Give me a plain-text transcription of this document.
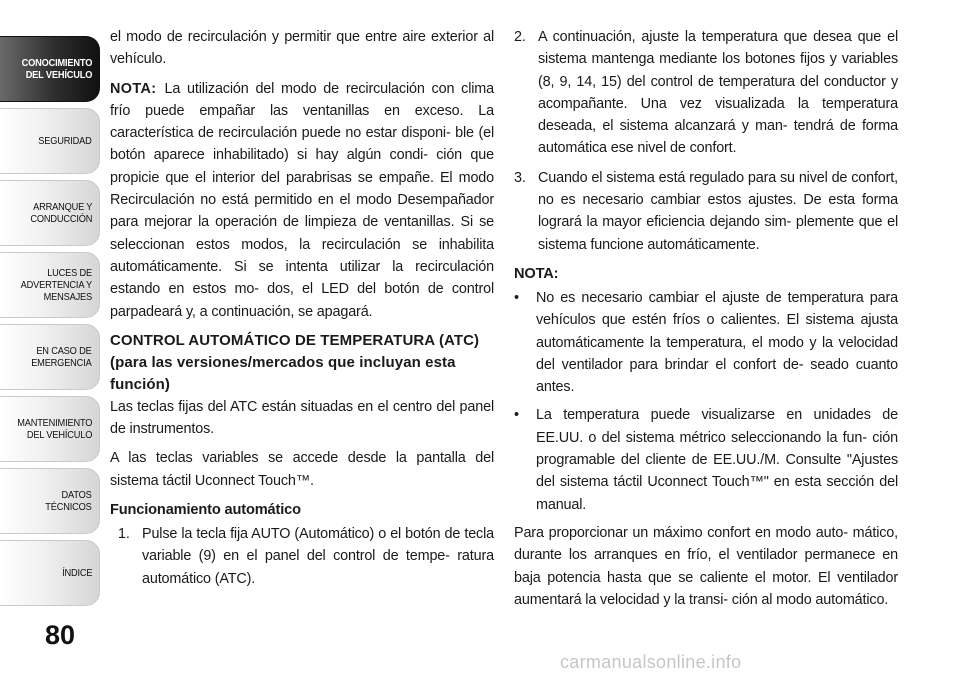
CONOCIMIENTO
DEL VEHÍCULO
SEGURIDAD
ARRANQUE Y
CONDUCCIÓN
LUCES DE
ADVERTENCIA Y
MENSAJES
EN CASO DE
EMERGENCIA
MANTENIMIENTO
DEL VEHÍCULO
DATOS
TÉCNICOS
ÍNDICE
80

el modo de recirculación y permitir que entre aire exterior al vehículo.

NOTA: La utilización del modo de recirculación con clima frío puede empañar las ventanillas en exceso. La característica de recirculación puede no estar disponi- ble (el botón aparece inhabilitado) si hay algún condi- ción que propicie que el interior del parabrisas se empañe. El modo Recirculación no está permitido en el modo Desempañador para mejorar la operación de limpieza de ventanillas. Si se seleccionan estos modos, la recirculación se inhabilita automáticamente. Si se intenta utilizar la recirculación estando en estos mo- dos, el LED del botón de control parpadeará y, a continuación, se apagará.

CONTROL AUTOMÁTICO DE TEMPERATURA (ATC) (para las versiones/mercados que incluyan esta función)

Las teclas fijas del ATC están situadas en el centro del panel de instrumentos.

A las teclas variables se accede desde la pantalla del sistema táctil Uconnect Touch™.

Funcionamiento automático
1. Pulse la tecla fija AUTO (Automático) o el botón de tecla variable (9) en el panel del control de tempe- ratura automático (ATC).
2. A continuación, ajuste la temperatura que desea que el sistema mantenga mediante los botones fijos y variables (8, 9, 14, 15) del control de temperatura del conductor y acompañante. Una vez visualizada la temperatura deseada, el sistema alcanzará y man- tendrá de forma automática ese nivel de confort.
3. Cuando el sistema está regulado para su nivel de confort, no es necesario cambiar estos ajustes. De esta forma logrará la mayor eficiencia dejando sim- plemente que el sistema funcione automáticamente.
NOTA:
•	No es necesario cambiar el ajuste de temperatura para vehículos que estén fríos o calientes. El sistema ajusta automáticamente la temperatura, el modo y la velocidad del ventilador para brindar el confort de- seado cuanto antes.
•	La temperatura puede visualizarse en unidades de EE.UU. o del sistema métrico seleccionando la fun- ción programable del cliente de EE.UU./M. Consulte "Ajustes del sistema táctil Uconnect Touch™" en esta sección del manual.

Para proporcionar un máximo confort en modo auto- mático, durante los arranques en frío, el ventilador permanece en baja potencia hasta que se caliente el motor. El ventilador aumentará la velocidad y la transi- ción al modo automático.

carmanualsonline.info
